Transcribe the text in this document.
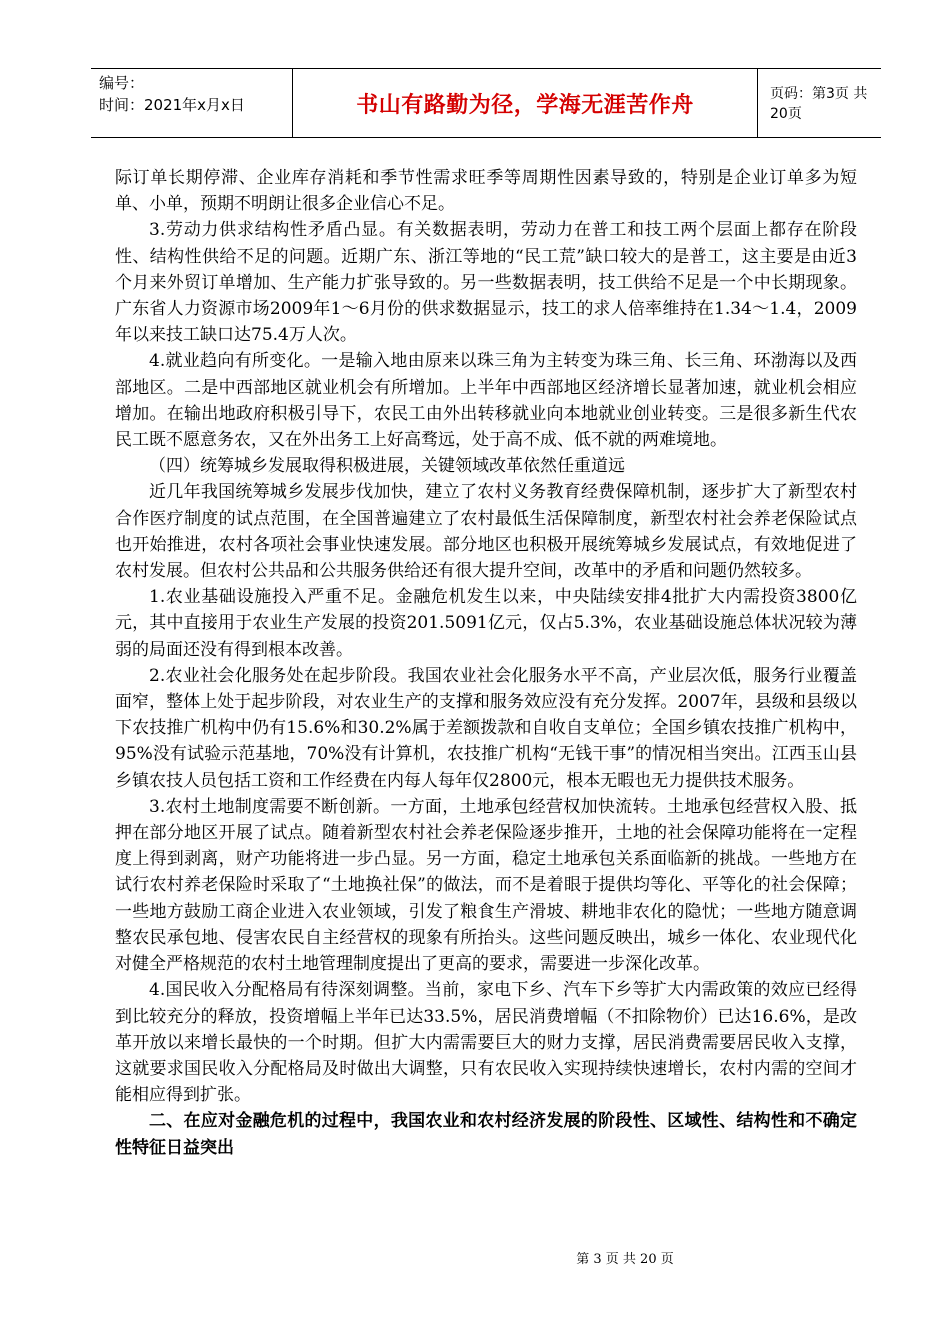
编号：
时间：2021年x月x日	书山有路勤为径，学海无涯苦作舟	页码：第3页 共20页

际订单长期停滞、企业库存消耗和季节性需求旺季等周期性因素导致的，特别是企业订单多为短单、小单，预期不明朗让很多企业信心不足。

3.劳动力供求结构性矛盾凸显。有关数据表明，劳动力在普工和技工两个层面上都存在阶段性、结构性供给不足的问题。近期广东、浙江等地的“民工荒”缺口较大的是普工，这主要是由近3个月来外贸订单增加、生产能力扩张导致的。另一些数据表明，技工供给不足是一个中长期现象。广东省人力资源市场2009年1～6月份的供求数据显示，技工的求人倍率维持在1.34～1.4，2009年以来技工缺口达75.4万人次。

4.就业趋向有所变化。一是输入地由原来以珠三角为主转变为珠三角、长三角、环渤海以及西部地区。二是中西部地区就业机会有所增加。上半年中西部地区经济增长显著加速，就业机会相应增加。在输出地政府积极引导下，农民工由外出转移就业向本地就业创业转变。三是很多新生代农民工既不愿意务农，又在外出务工上好高骛远，处于高不成、低不就的两难境地。

（四）统筹城乡发展取得积极进展，关键领域改革依然任重道远

近几年我国统筹城乡发展步伐加快，建立了农村义务教育经费保障机制，逐步扩大了新型农村合作医疗制度的试点范围，在全国普遍建立了农村最低生活保障制度，新型农村社会养老保险试点也开始推进，农村各项社会事业快速发展。部分地区也积极开展统筹城乡发展试点，有效地促进了农村发展。但农村公共品和公共服务供给还有很大提升空间，改革中的矛盾和问题仍然较多。

1.农业基础设施投入严重不足。金融危机发生以来，中央陆续安排4批扩大内需投资3800亿元，其中直接用于农业生产发展的投资201.5091亿元，仅占5.3%，农业基础设施总体状况较为薄弱的局面还没有得到根本改善。

2.农业社会化服务处在起步阶段。我国农业社会化服务水平不高，产业层次低，服务行业覆盖面窄，整体上处于起步阶段，对农业生产的支撑和服务效应没有充分发挥。2007年，县级和县级以下农技推广机构中仍有15.6%和30.2%属于差额拨款和自收自支单位；全国乡镇农技推广机构中，95%没有试验示范基地，70%没有计算机，农技推广机构“无钱干事”的情况相当突出。江西玉山县乡镇农技人员包括工资和工作经费在内每人每年仅2800元，根本无暇也无力提供技术服务。

3.农村土地制度需要不断创新。一方面，土地承包经营权加快流转。土地承包经营权入股、抵押在部分地区开展了试点。随着新型农村社会养老保险逐步推开，土地的社会保障功能将在一定程度上得到剥离，财产功能将进一步凸显。另一方面，稳定土地承包关系面临新的挑战。一些地方在试行农村养老保险时采取了“土地换社保”的做法，而不是着眼于提供均等化、平等化的社会保障；一些地方鼓励工商企业进入农业领域，引发了粮食生产滑坡、耕地非农化的隐忧；一些地方随意调整农民承包地、侵害农民自主经营权的现象有所抬头。这些问题反映出，城乡一体化、农业现代化对健全严格规范的农村土地管理制度提出了更高的要求，需要进一步深化改革。

4.国民收入分配格局有待深刻调整。当前，家电下乡、汽车下乡等扩大内需政策的效应已经得到比较充分的释放，投资增幅上半年已达33.5%，居民消费增幅（不扣除物价）已达16.6%，是改革开放以来增长最快的一个时期。但扩大内需需要巨大的财力支撑，居民消费需要居民收入支撑，这就要求国民收入分配格局及时做出大调整，只有农民收入实现持续快速增长，农村内需的空间才能相应得到扩张。

二、在应对金融危机的过程中，我国农业和农村经济发展的阶段性、区域性、结构性和不确定性特征日益突出

第 3 页 共 20 页
